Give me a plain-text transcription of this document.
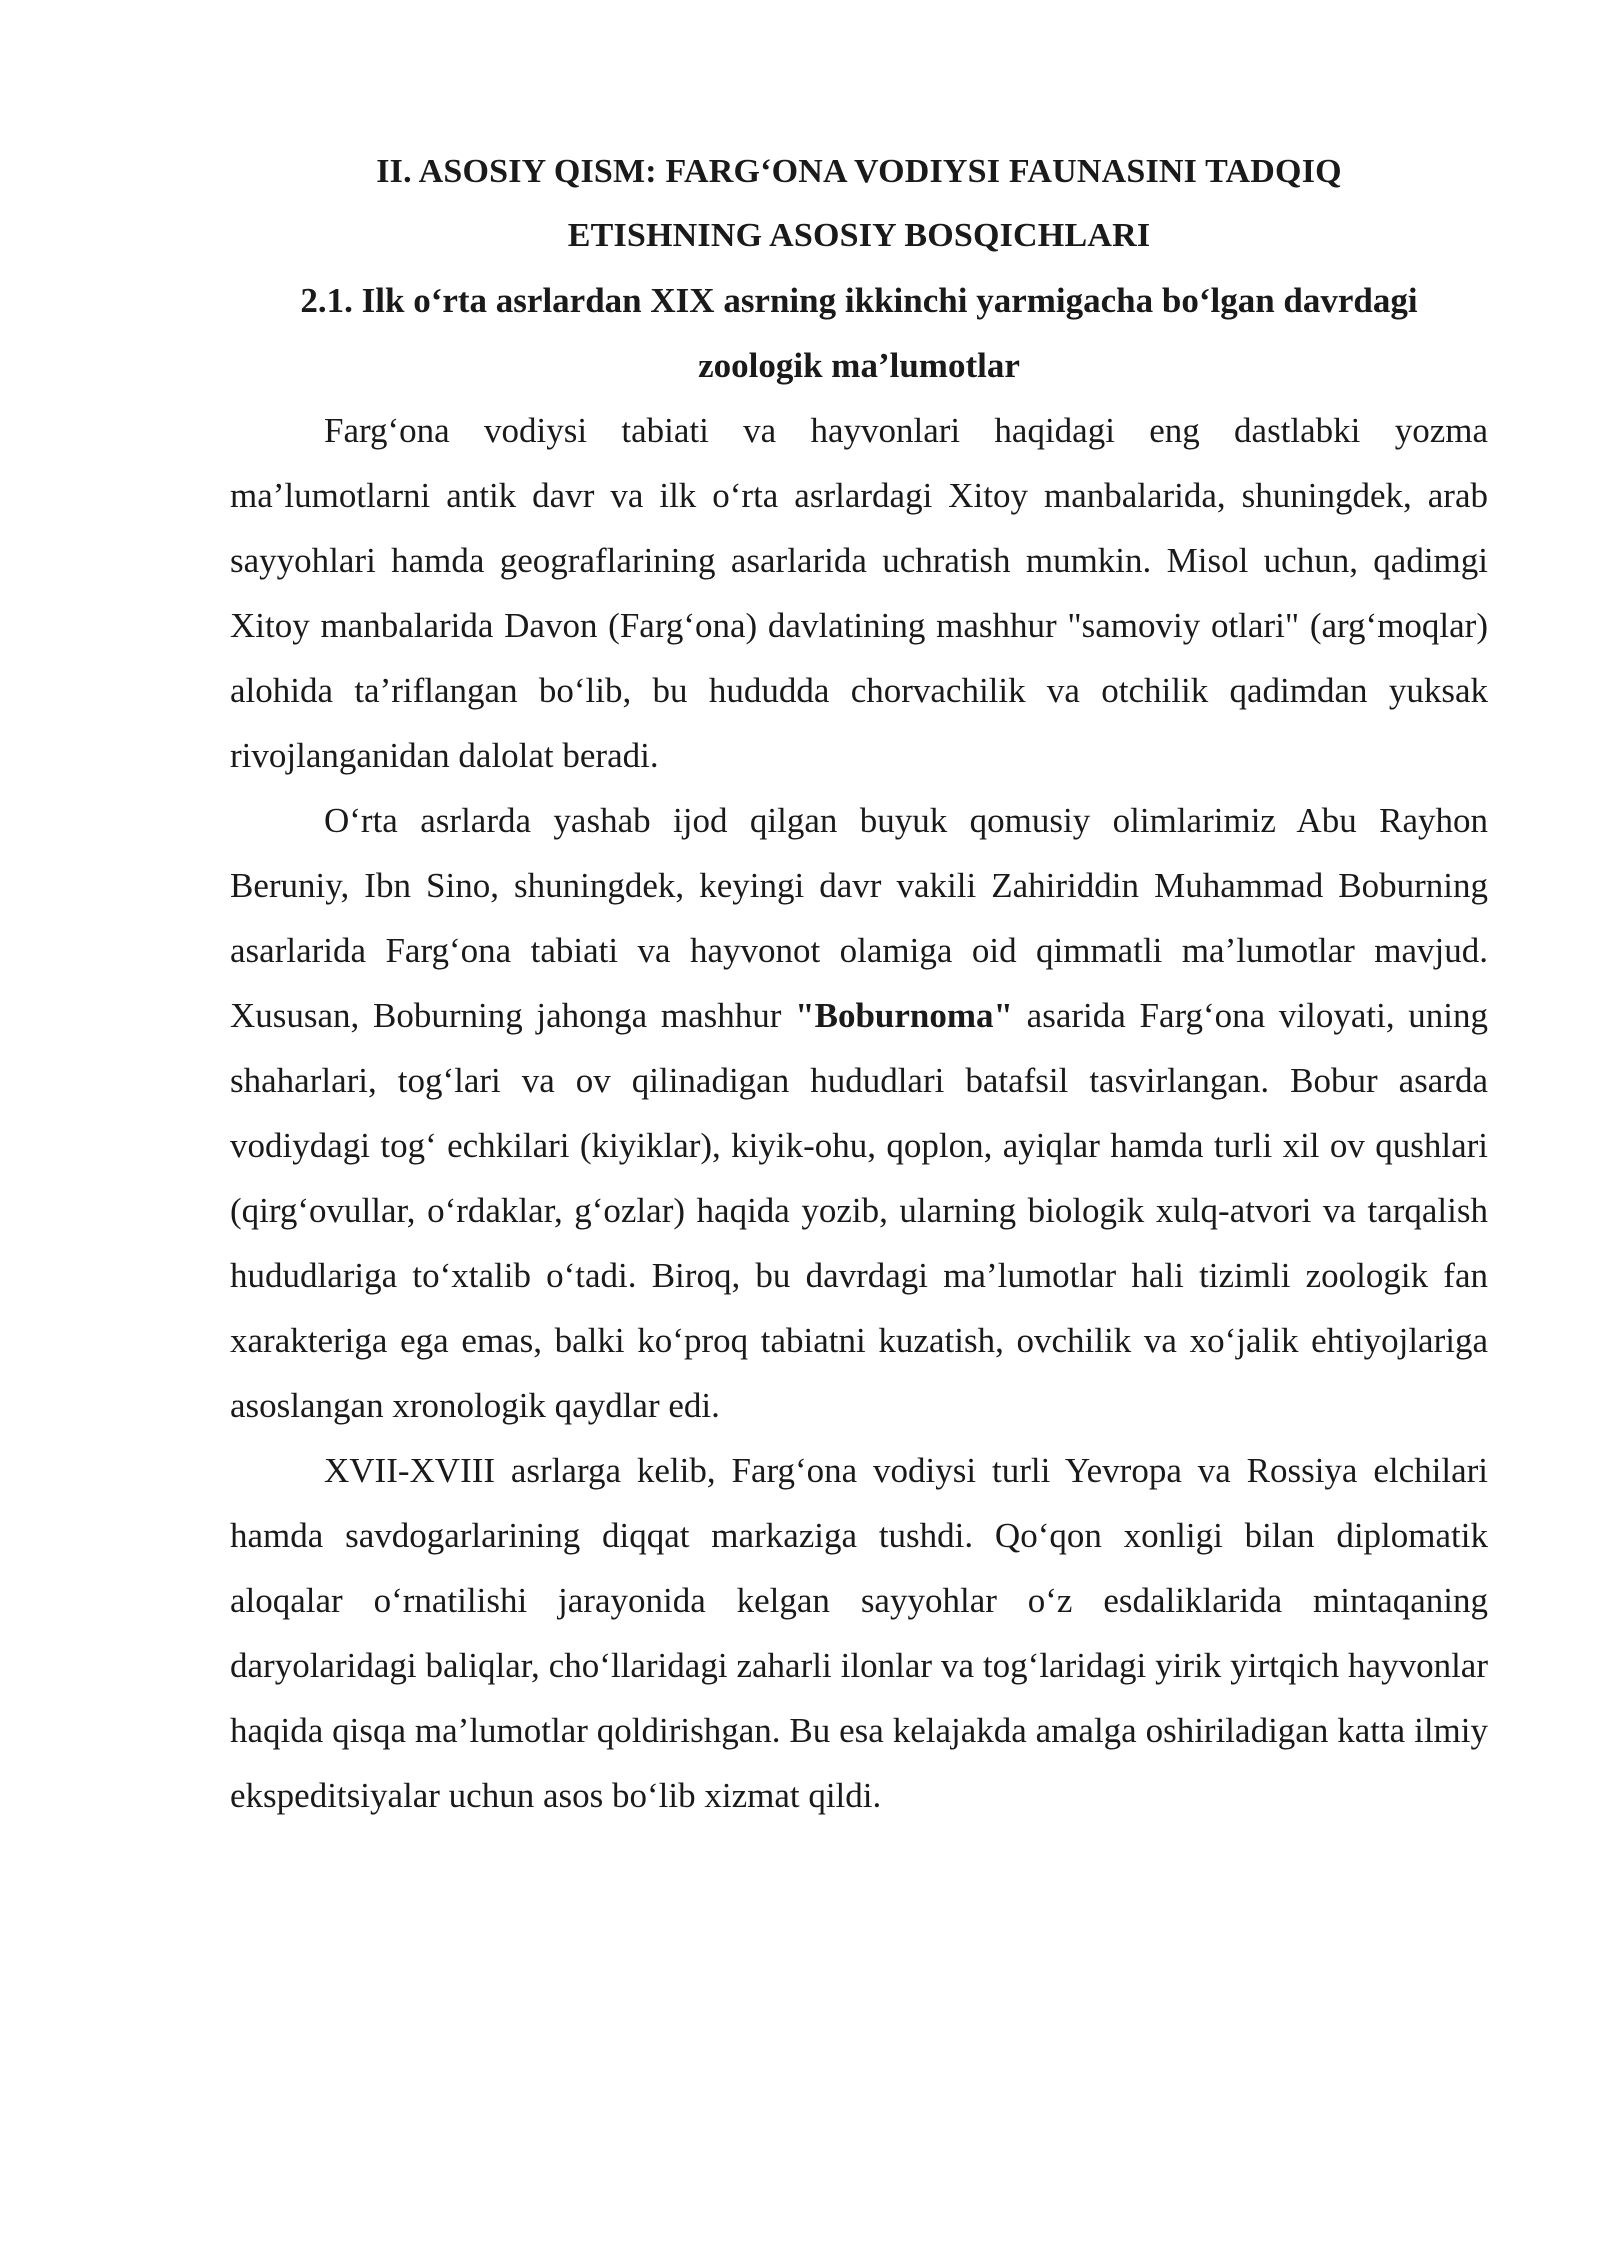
II. ASOSIY QISM: FARG‘ONA VODIYSI FAUNASINI TADQIQ

ETISHNING ASOSIY BOSQICHLARI

2.1. Ilk o‘rta asrlardan XIX asrning ikkinchi yarmigacha bo‘lgan davrdagi

zoologik ma’lumotlar

Farg‘ona vodiysi tabiati va hayvonlari haqidagi eng dastlabki yozma ma’lumotlarni antik davr va ilk o‘rta asrlardagi Xitoy manbalarida, shuningdek, arab sayyohlari hamda geograflarining asarlarida uchratish mumkin. Misol uchun, qadimgi Xitoy manbalarida Davon (Farg‘ona) davlatining mashhur "samoviy otlari" (arg‘moqlar) alohida ta’riflangan bo‘lib, bu hududda chorvachilik va otchilik qadimdan yuksak rivojlanganidan dalolat beradi.

O‘rta asrlarda yashab ijod qilgan buyuk qomusiy olimlarimiz Abu Rayhon Beruniy, Ibn Sino, shuningdek, keyingi davr vakili Zahiriddin Muhammad Boburning asarlarida Farg‘ona tabiati va hayvonot olamiga oid qimmatli ma’lumotlar mavjud. Xususan, Boburning jahonga mashhur "Boburnoma" asarida Farg‘ona viloyati, uning shaharlari, tog‘lari va ov qilinadigan hududlari batafsil tasvirlangan. Bobur asarda vodiydagi tog‘ echkilari (kiyiklar), kiyik-ohu, qoplon, ayiqlar hamda turli xil ov qushlari (qirg‘ovullar, o‘rdaklar, g‘ozlar) haqida yozib, ularning biologik xulq-atvori va tarqalish hududlariga to‘xtalib o‘tadi. Biroq, bu davrdagi ma’lumotlar hali tizimli zoologik fan xarakteriga ega emas, balki ko‘proq tabiatni kuzatish, ovchilik va xo‘jalik ehtiyojlariga asoslangan xronologik qaydlar edi.

XVII-XVIII asrlarga kelib, Farg‘ona vodiysi turli Yevropa va Rossiya elchilari hamda savdogarlarining diqqat markaziga tushdi. Qo‘qon xonligi bilan diplomatik aloqalar o‘rnatilishi jarayonida kelgan sayyohlar o‘z esdaliklarida mintaqaning daryolaridagi baliqlar, cho‘llaridagi zaharli ilonlar va tog‘laridagi yirik yirtqich hayvonlar haqida qisqa ma’lumotlar qoldirishgan. Bu esa kelajakda amalga oshiriladigan katta ilmiy ekspeditsiyalar uchun asos bo‘lib xizmat qildi.
